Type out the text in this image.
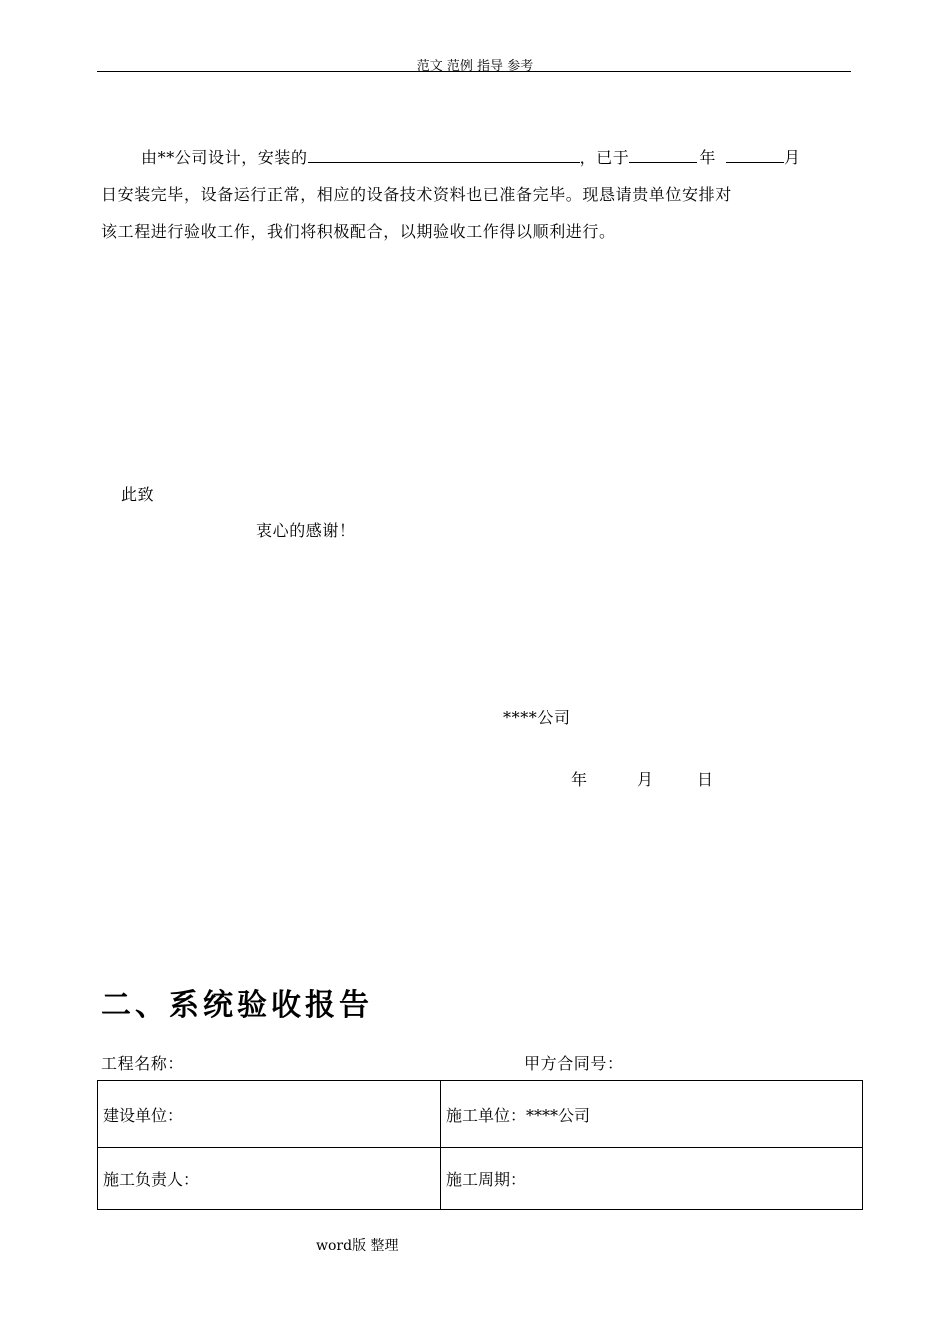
范文 范例 指导 参考
由**公司设计，安装的	，已于	年	月
日安装完毕，设备运行正常，相应的设备技术资料也已准备完毕。现恳请贵单位安排对
该工程进行验收工作，我们将积极配合，以期验收工作得以顺利进行。
此致
衷心的感谢！
****公司
年	月	日
二、系统验收报告
工程名称：	甲方合同号：
建设单位：	施工单位：****公司
施工负责人：	施工周期：
word版 整理
